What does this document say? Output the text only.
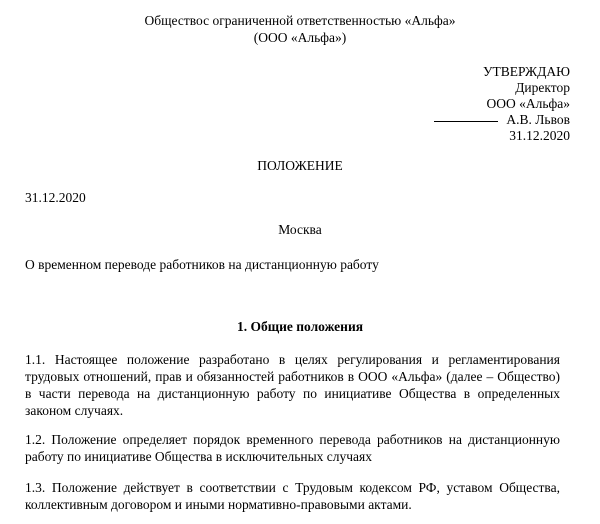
Обществос ограниченной ответственностью «Альфа»
(ООО «Альфа»)
УТВЕРЖДАЮ
Директор
ООО «Альфа»
А.В. Львов
31.12.2020
ПОЛОЖЕНИЕ
31.12.2020
Москва
О временном переводе работников на дистанционную работу
1. Общие положения
1.1. Настоящее положение разработано в целях регулирования и регламентирования трудовых отношений, прав и обязанностей работников в ООО «Альфа» (далее – Общество) в части перевода на дистанционную работу по инициативе Общества в определенных законом случаях.
1.2. Положение определяет порядок временного перевода работников на дистанционную работу по инициативе Общества в исключительных случаях
1.3. Положение действует в соответствии с Трудовым кодексом РФ, уставом Общества, коллективным договором и иными нормативно-правовыми актами.
